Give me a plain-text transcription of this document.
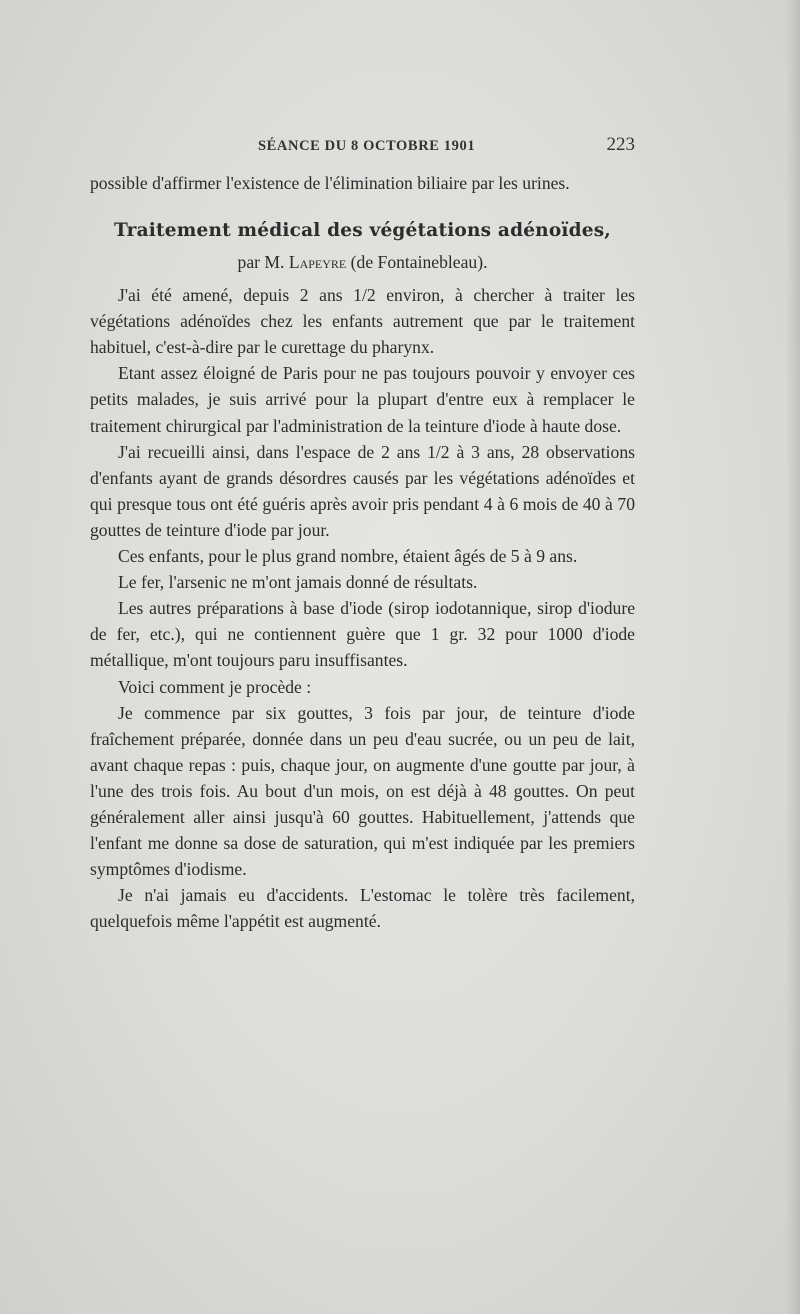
SÉANCE DU 8 OCTOBRE 1901	223

possible d'affirmer l'existence de l'élimination biliaire par les urines.

Traitement médical des végétations adénoïdes,

par M. Lapeyre (de Fontainebleau).

J'ai été amené, depuis 2 ans 1/2 environ, à chercher à traiter les végétations adénoïdes chez les enfants autrement que par le traitement habituel, c'est-à-dire par le curettage du pharynx.

Etant assez éloigné de Paris pour ne pas toujours pouvoir y envoyer ces petits malades, je suis arrivé pour la plupart d'entre eux à remplacer le traitement chirurgical par l'administration de la teinture d'iode à haute dose.

J'ai recueilli ainsi, dans l'espace de 2 ans 1/2 à 3 ans, 28 observations d'enfants ayant de grands désordres causés par les végétations adénoïdes et qui presque tous ont été guéris après avoir pris pendant 4 à 6 mois de 40 à 70 gouttes de teinture d'iode par jour.

Ces enfants, pour le plus grand nombre, étaient âgés de 5 à 9 ans.

Le fer, l'arsenic ne m'ont jamais donné de résultats.

Les autres préparations à base d'iode (sirop iodotannique, sirop d'iodure de fer, etc.), qui ne contiennent guère que 1 gr. 32 pour 1000 d'iode métallique, m'ont toujours paru insuffisantes.

Voici comment je procède :

Je commence par six gouttes, 3 fois par jour, de teinture d'iode fraîchement préparée, donnée dans un peu d'eau sucrée, ou un peu de lait, avant chaque repas : puis, chaque jour, on augmente d'une goutte par jour, à l'une des trois fois. Au bout d'un mois, on est déjà à 48 gouttes. On peut généralement aller ainsi jusqu'à 60 gouttes. Habituellement, j'attends que l'enfant me donne sa dose de saturation, qui m'est indiquée par les premiers symptômes d'iodisme.

Je n'ai jamais eu d'accidents. L'estomac le tolère très facilement, quelquefois même l'appétit est augmenté.
